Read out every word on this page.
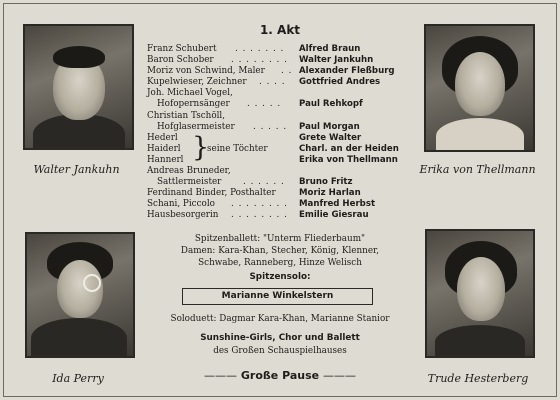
Walter Jankuhn	Erika von Thellmann
Ida Perry	Trude Hesterberg
1. Akt
Franz Schubert . . . . . . . Alfred Braun
Baron Schober . . . . . . . . Walter Jankuhn
Moriz von Schwind, Maler . . Alexander Fleßburg
Kupelwieser, Zeichner . . . . Gottfried Andres
Joh. Michael Vogel,
Hofopernsänger . . . . . Paul Rehkopf
Christian Tschöll,
Hofglasermeister . . . . . Paul Morgan
Hederl	Grete Walter
Haiderl	Charl. an der Heiden
Hannerl	Erika von Thellmann
}
seine Töchter
Andreas Bruneder,
Sattlermeister . . . . . . Bruno Fritz
Ferdinand Binder, Posthalter	Moriz Harlan
Schani, Piccolo . . . . . . . . Manfred Herbst
Hausbesorgerin . . . . . . . . Emilie Giesrau
Spitzenballett: "Unterm Fliederbaum"
Damen: Kara-Khan, Stecher, König, Klenner,
Schwabe, Ranneberg, Hinze Welisch
Spitzensolo:
Marianne Winkelstern
Soloduett: Dagmar Kara-Khan, Marianne Stanior
Sunshine-Girls, Chor und Ballett
des Großen Schauspielhauses
——— Große Pause ———
